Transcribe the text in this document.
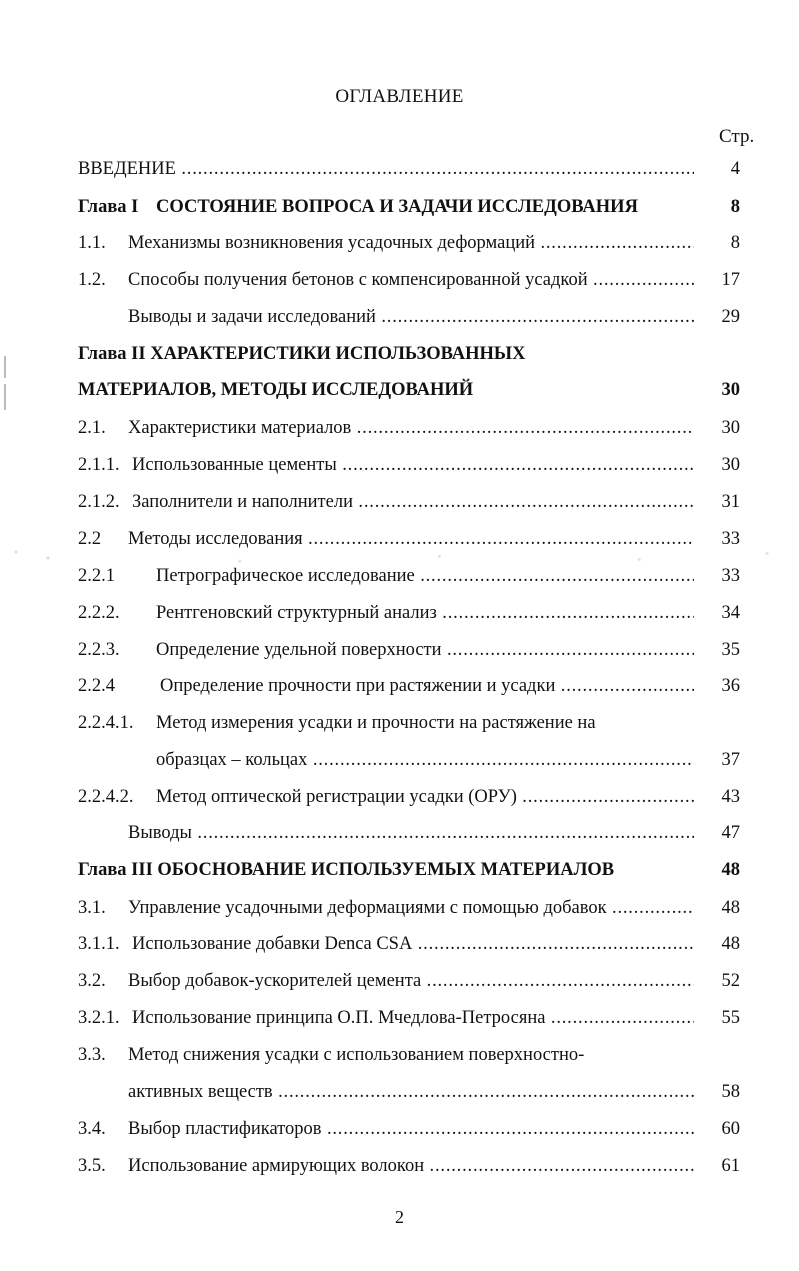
ОГЛАВЛЕНИЕ
Стр.
ВВЕДЕНИЕ .....	4
Глава I СОСТОЯНИЕ ВОПРОСА И ЗАДАЧИ ИССЛЕДОВАНИЯ	8
1.1. Механизмы возникновения усадочных деформаций .....	8
1.2. Способы получения бетонов с компенсированной усадкой .....	17
Выводы и задачи исследований .....	29
Глава II ХАРАКТЕРИСТИКИ ИСПОЛЬЗОВАННЫХ
МАТЕРИАЛОВ, МЕТОДЫ ИССЛЕДОВАНИЙ	30
2.1. Характеристики материалов .....	30
2.1.1. Использованные цементы .....	30
2.1.2. Заполнители и наполнители .....	31
2.2 Методы исследования .....	33
2.2.1 Петрографическое исследование .....	33
2.2.2. Рентгеновский структурный анализ .....	34
2.2.3. Определение удельной поверхности .....	35
2.2.4 Определение прочности при растяжении и усадки .....	36
2.2.4.1. Метод измерения усадки и прочности на растяжение на
образцах – кольцах .....	37
2.2.4.2. Метод оптической регистрации усадки (ОРУ) .....	43
Выводы .....	47
Глава III ОБОСНОВАНИЕ ИСПОЛЬЗУЕМЫХ МАТЕРИАЛОВ	48
3.1. Управление усадочными деформациями с помощью добавок .....	48
3.1.1. Использование добавки Denca CSA .....	48
3.2. Выбор добавок-ускорителей цемента .....	52
3.2.1. Использование принципа О.П. Мчедлова-Петросяна .....	55
3.3. Метод снижения усадки с использованием поверхностно-
активных веществ .....	58
3.4. Выбор пластификаторов .....	60
3.5. Использование армирующих волокон .....	61
2
